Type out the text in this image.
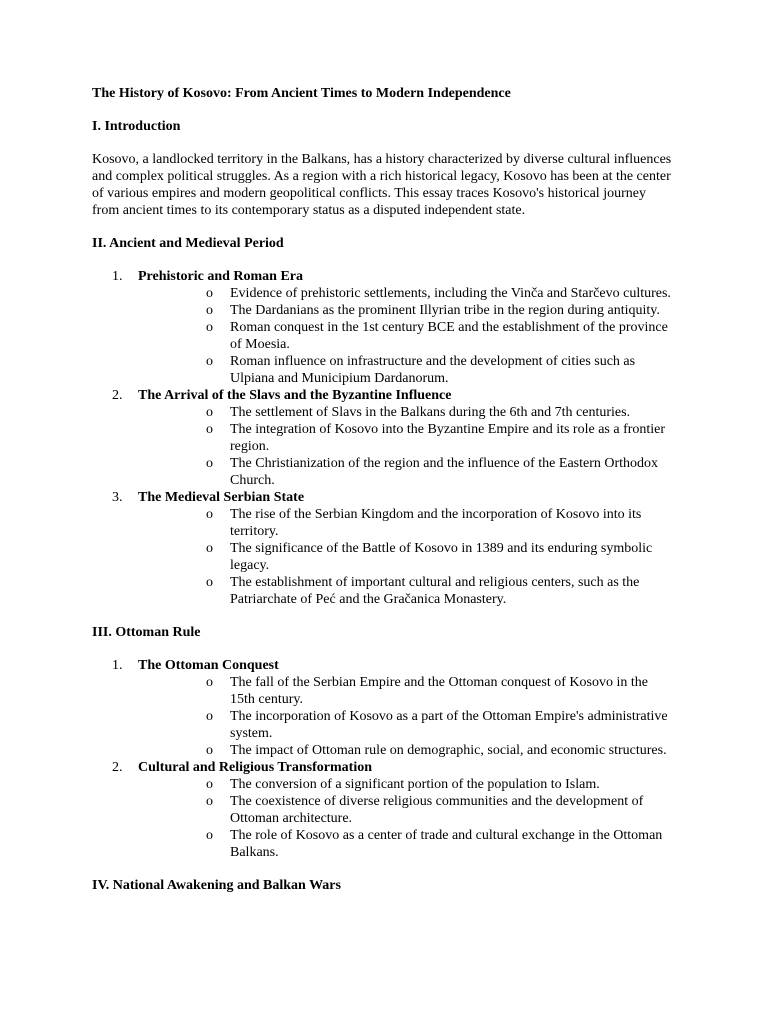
The History of Kosovo: From Ancient Times to Modern Independence
I. Introduction
Kosovo, a landlocked territory in the Balkans, has a history characterized by diverse cultural influences and complex political struggles. As a region with a rich historical legacy, Kosovo has been at the center of various empires and modern geopolitical conflicts. This essay traces Kosovo's historical journey from ancient times to its contemporary status as a disputed independent state.
II. Ancient and Medieval Period
1. Prehistoric and Roman Era
o Evidence of prehistoric settlements, including the Vinča and Starčevo cultures.
o The Dardanians as the prominent Illyrian tribe in the region during antiquity.
o Roman conquest in the 1st century BCE and the establishment of the province of Moesia.
o Roman influence on infrastructure and the development of cities such as Ulpiana and Municipium Dardanorum.
2. The Arrival of the Slavs and the Byzantine Influence
o The settlement of Slavs in the Balkans during the 6th and 7th centuries.
o The integration of Kosovo into the Byzantine Empire and its role as a frontier region.
o The Christianization of the region and the influence of the Eastern Orthodox Church.
3. The Medieval Serbian State
o The rise of the Serbian Kingdom and the incorporation of Kosovo into its territory.
o The significance of the Battle of Kosovo in 1389 and its enduring symbolic legacy.
o The establishment of important cultural and religious centers, such as the Patriarchate of Peć and the Gračanica Monastery.
III. Ottoman Rule
1. The Ottoman Conquest
o The fall of the Serbian Empire and the Ottoman conquest of Kosovo in the 15th century.
o The incorporation of Kosovo as a part of the Ottoman Empire's administrative system.
o The impact of Ottoman rule on demographic, social, and economic structures.
2. Cultural and Religious Transformation
o The conversion of a significant portion of the population to Islam.
o The coexistence of diverse religious communities and the development of Ottoman architecture.
o The role of Kosovo as a center of trade and cultural exchange in the Ottoman Balkans.
IV. National Awakening and Balkan Wars
